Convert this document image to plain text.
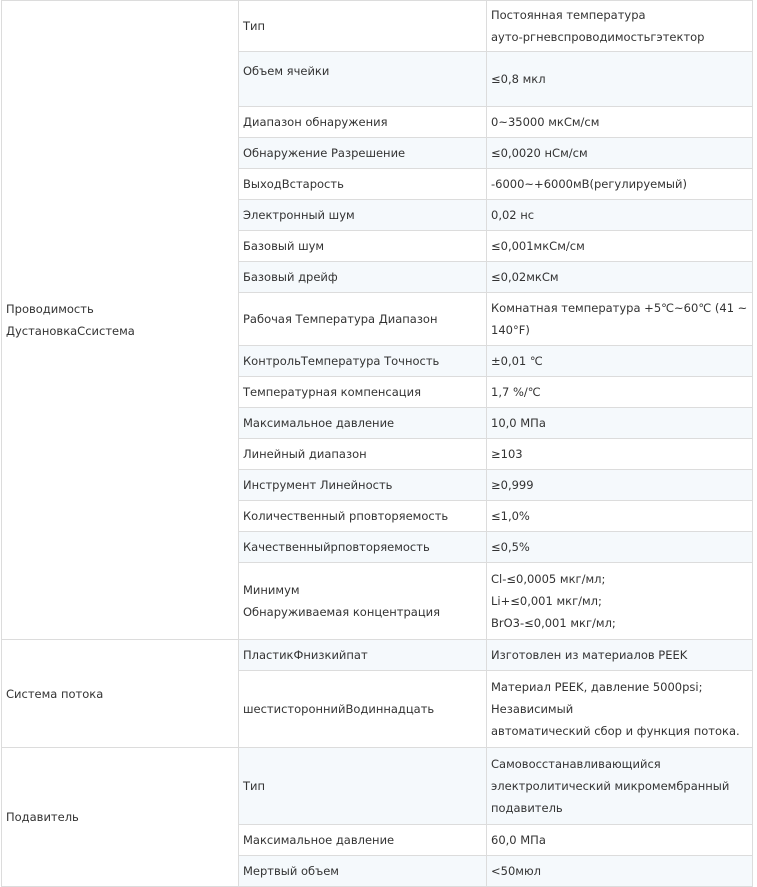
Проводимость
ДустановкаСсистема	Тип	Постоянная температура
ауто-ргневспроводимостьгэтектор

	Объем ячейки	≤0,8 мкл

	Диапазон обнаружения	0~35000 мкСм/см

	Обнаружение Разрешение	≤0,0020 нСм/см

	ВыходВстарость	-6000~+6000мВ(регулируемый)

	Электронный шум	0,02 нс

	Базовый шум	≤0,001мкСм/см

	Базовый дрейф	≤0,02мкСм

	Рабочая Температура Диапазон	Комнатная температура +5℃~60℃ (41 ~
140°F)

	КонтрольТемпература Точность	±0,01 ℃

	Температурная компенсация	1,7 %/℃

	Максимальное давление	10,0 МПа

	Линейный диапазон	≥103

	Инструмент Линейность	≥0,999

	Количественный рповторяемость	≤1,0%

	Качественныйрповторяемость	≤0,5%

	Минимум
Обнаруживаемая концентрация	Cl-≤0,0005 мкг/мл;
Li+≤0,001 мкг/мл;
BrO3-≤0,001 мкг/мл;

Система потока	ПластикФнизкийпат	Изготовлен из материалов PEEK

	шестистороннийВодиннадцать	Материал PEEK, давление 5000psi;
Независимый
автоматический сбор и функция потока.

Подавитель	Тип	Самовосстанавливающийся
электролитический микромембранный
подавитель

	Максимальное давление	60,0 МПа

	Мертвый объем	<50мюл
